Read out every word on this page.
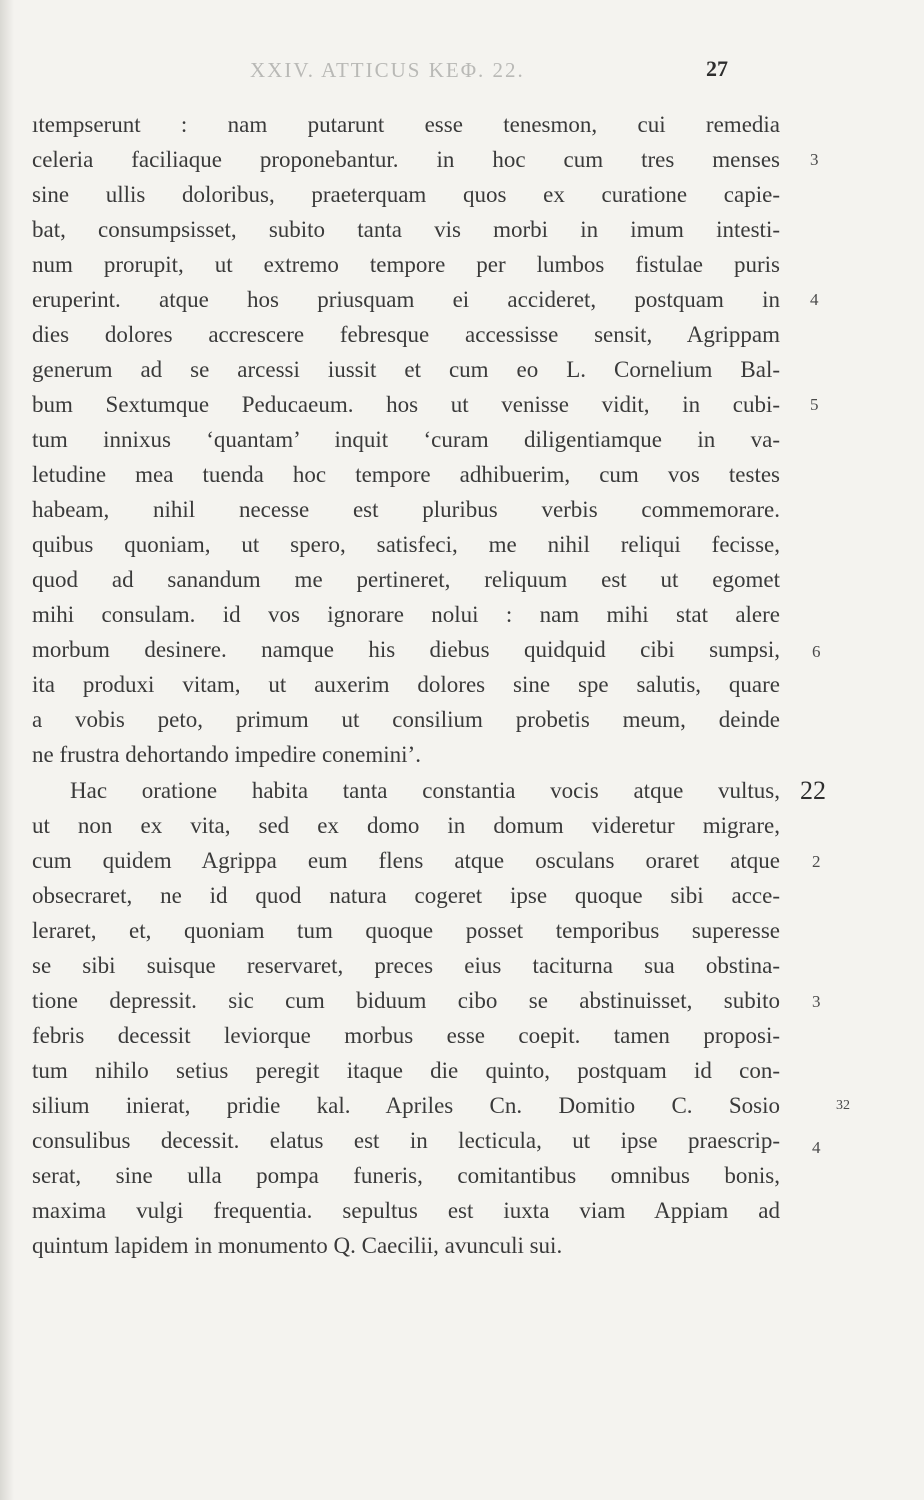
XXIV. ATTICUS ΚΕΦ. 22.	27
ıtempserunt : nam putarunt esse tenesmon, cui remedia
celeria faciliaque proponebantur. in hoc cum tres menses
sine ullis doloribus, praeterquam quos ex curatione capie-
bat, consumpsisset, subito tanta vis morbi in imum intesti-
num prorupit, ut extremo tempore per lumbos fistulae puris
eruperint. atque hos priusquam ei accideret, postquam in
dies dolores accrescere febresque accessisse sensit, Agrippam
generum ad se arcessi iussit et cum eo L. Cornelium Bal-
bum Sextumque Peducaeum. hos ut venisse vidit, in cubi-
tum innixus ‘quantam’ inquit ‘curam diligentiamque in va-
letudine mea tuenda hoc tempore adhibuerim, cum vos testes
habeam, nihil necesse est pluribus verbis commemorare.
quibus quoniam, ut spero, satisfeci, me nihil reliqui fecisse,
quod ad sanandum me pertineret, reliquum est ut egomet
mihi consulam. id vos ignorare nolui : nam mihi stat alere
morbum desinere. namque his diebus quidquid cibi sumpsi,
ita produxi vitam, ut auxerim dolores sine spe salutis, quare
a vobis peto, primum ut consilium probetis meum, deinde
ne frustra dehortando impedire conemini’.
Hac oratione habita tanta constantia vocis atque vultus,
ut non ex vita, sed ex domo in domum videretur migrare,
cum quidem Agrippa eum flens atque osculans oraret atque
obsecraret, ne id quod natura cogeret ipse quoque sibi acce-
leraret, et, quoniam tum quoque posset temporibus superesse
se sibi suisque reservaret, preces eius taciturna sua obstina-
tione depressit. sic cum biduum cibo se abstinuisset, subito
febris decessit leviorque morbus esse coepit. tamen proposi-
tum nihilo setius peregit itaque die quinto, postquam id con-
silium inierat, pridie kal. Apriles Cn. Domitio C. Sosio
consulibus decessit. elatus est in lecticula, ut ipse praescrip-
serat, sine ulla pompa funeris, comitantibus omnibus bonis,
maxima vulgi frequentia. sepultus est iuxta viam Appiam ad
quintum lapidem in monumento Q. Caecilii, avunculi sui.
3
4
5
6
22
2
3
32
4
